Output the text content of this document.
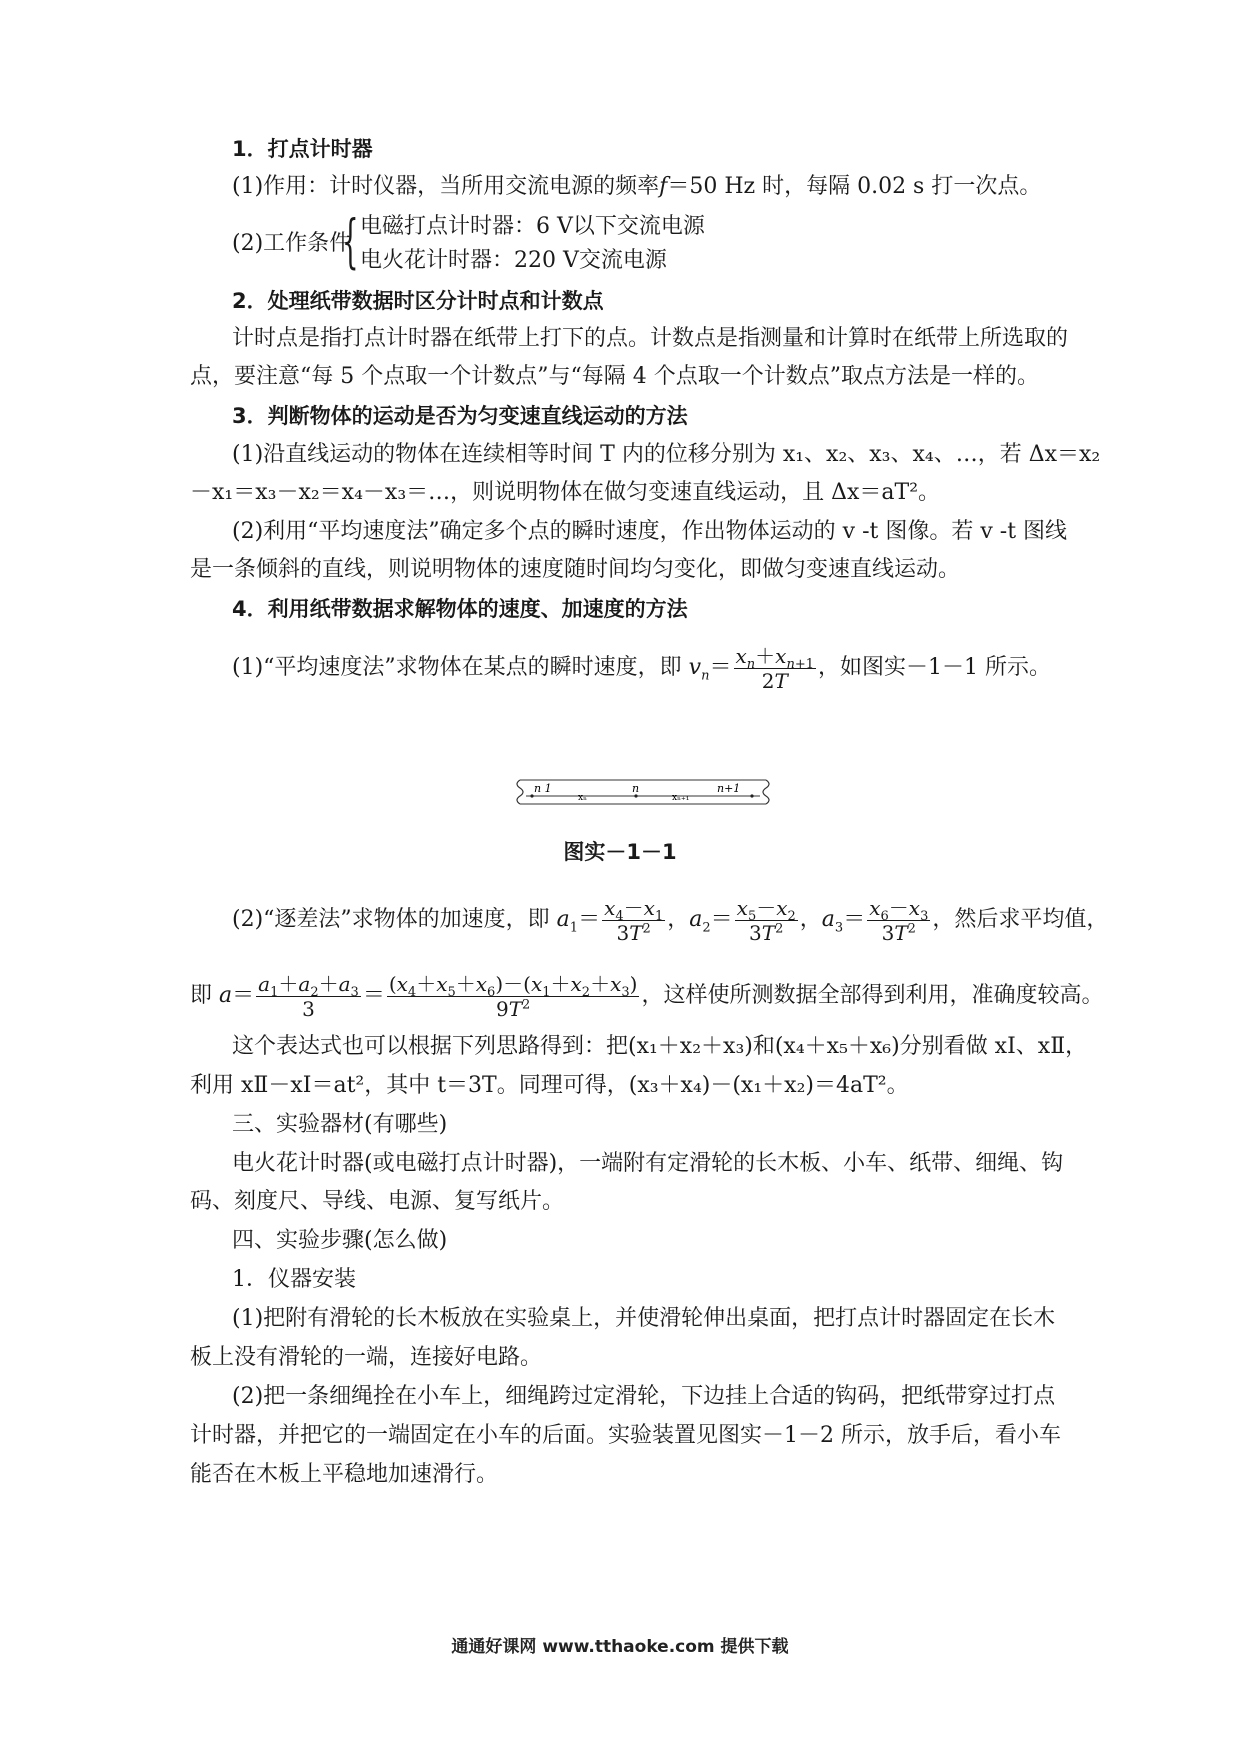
1．打点计时器
(1)作用：计时仪器，当所用交流电源的频率f＝50 Hz 时，每隔 0.02 s 打一次点。
(2)工作条件
{ 电磁打点计时器：6 V以下交流电源
电火花计时器：220 V交流电源
2．处理纸带数据时区分计时点和计数点
计时点是指打点计时器在纸带上打下的点。计数点是指测量和计算时在纸带上所选取的
点，要注意“每 5 个点取一个计数点”与“每隔 4 个点取一个计数点”取点方法是一样的。
3．判断物体的运动是否为匀变速直线运动的方法
(1)沿直线运动的物体在连续相等时间 T 内的位移分别为 x₁、x₂、x₃、x₄、…，若 Δx＝x₂
－x₁＝x₃－x₂＝x₄－x₃＝…，则说明物体在做匀变速直线运动，且 Δx＝aT²。
(2)利用“平均速度法”确定多个点的瞬时速度，作出物体运动的 v -t 图像。若 v -t 图线
是一条倾斜的直线，则说明物体的速度随时间均匀变化，即做匀变速直线运动。
4．利用纸带数据求解物体的速度、加速度的方法
(1)“平均速度法”求物体在某点的瞬时速度，即 $v_n= \frac{x_n+x_{n+1}}{2T}$ ，如图实－1－1 所示。
n 1
xₙ
n
xₙ₊₁
n+1
图实－1－1
(2)“逐差法”求物体的加速度，即 $a_1= \frac{x_4-x_1}{3T^2}$ ，$a_2= \frac{x_5-x_2}{3T^2}$ ，$a_3= \frac{x_6-x_3}{3T^2}$ ，然后求平均值，
即 $a= \frac{a_1+a_2+a_3}{3} = \frac{(x_4+x_5+x_6)-(x_1+x_2+x_3)}{9T^2}$ ，这样使所测数据全部得到利用，准确度较高。
这个表达式也可以根据下列思路得到：把(x₁＋x₂＋x₃)和(x₄＋x₅＋x₆)分别看做 xⅠ、xⅡ，
利用 xⅡ－xⅠ＝at²，其中 t＝3T。同理可得，(x₃＋x₄)－(x₁＋x₂)＝4aT²。
三、实验器材(有哪些)
电火花计时器(或电磁打点计时器)，一端附有定滑轮的长木板、小车、纸带、细绳、钩
码、刻度尺、导线、电源、复写纸片。
四、实验步骤(怎么做)
1．仪器安装
(1)把附有滑轮的长木板放在实验桌上，并使滑轮伸出桌面，把打点计时器固定在长木
板上没有滑轮的一端，连接好电路。
(2)把一条细绳拴在小车上，细绳跨过定滑轮，下边挂上合适的钩码，把纸带穿过打点
计时器，并把它的一端固定在小车的后面。实验装置见图实－1－2 所示，放手后，看小车
能否在木板上平稳地加速滑行。
通通好课网 www.tthaoke.com 提供下载
